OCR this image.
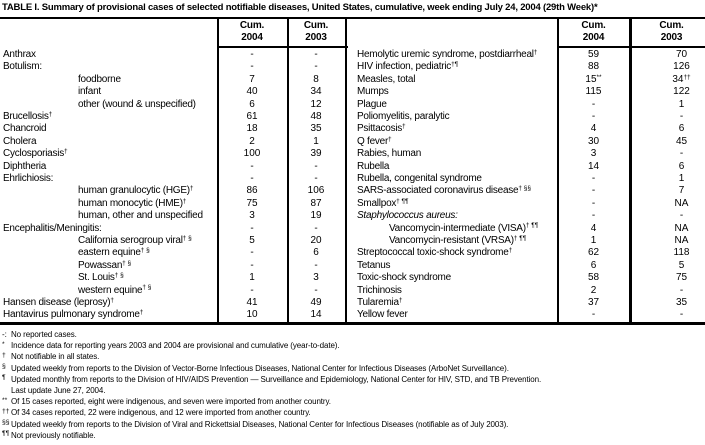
TABLE I. Summary of provisional cases of selected notifiable diseases, United States, cumulative, week ending July 24, 2004 (29th Week)*
Cum.
2004
Cum.
2003
Cum.
2004
Cum.
2003
Anthrax	-	-
Botulism:	-	-
foodborne	7	8
infant	40	34
other (wound & unspecified)	6	12
Brucellosis†	61	48
Chancroid	18	35
Cholera	2	1
Cyclosporiasis†	100	39
Diphtheria	-	-
Ehrlichiosis:	-	-
human granulocytic (HGE)†	86	106
human monocytic (HME)†	75	87
human, other and unspecified	3	19
Encephalitis/Meningitis:	-	-
California serogroup viral† §	5	20
eastern equine† §	-	6
Powassan† §	-	-
St. Louis† §	1	3
western equine† §	-	-
Hansen disease (leprosy)†	41	49
Hantavirus pulmonary syndrome†	10	14
Hemolytic uremic syndrome, postdiarrheal†	59	70
HIV infection, pediatric†¶	88	126
Measles, total	15**	34††
Mumps	115	122
Plague	-	1
Poliomyelitis, paralytic	-	-
Psittacosis†	4	6
Q fever†	30	45
Rabies, human	3	-
Rubella	14	6
Rubella, congenital syndrome	-	1
SARS-associated coronavirus disease† §§	-	7
Smallpox† ¶¶	-	NA
Staphylococcus aureus:	-	-
Vancomycin-intermediate (VISA)† ¶¶	4	NA
Vancomycin-resistant (VRSA)† ¶¶	1	NA
Streptococcal toxic-shock syndrome†	62	118
Tetanus	6	5
Toxic-shock syndrome	58	75
Trichinosis	2	-
Tularemia†	37	35
Yellow fever	-	-
-: No reported cases.
* Incidence data for reporting years 2003 and 2004 are provisional and cumulative (year-to-date).
† Not notifiable in all states.
§ Updated weekly from reports to the Division of Vector-Borne Infectious Diseases, National Center for Infectious Diseases (ArboNet Surveillance).
¶ Updated monthly from reports to the Division of HIV/AIDS Prevention — Surveillance and Epidemiology, National Center for HIV, STD, and TB Prevention.
Last update June 27, 2004.
** Of 15 cases reported, eight were indigenous, and seven were imported from another country.
††Of 34 cases reported, 22 were indigenous, and 12 were imported from another country.
§§Updated weekly from reports to the Division of Viral and Rickettsial Diseases, National Center for Infectious Diseases (notifiable as of July 2003).
¶¶ Not previously notifiable.
